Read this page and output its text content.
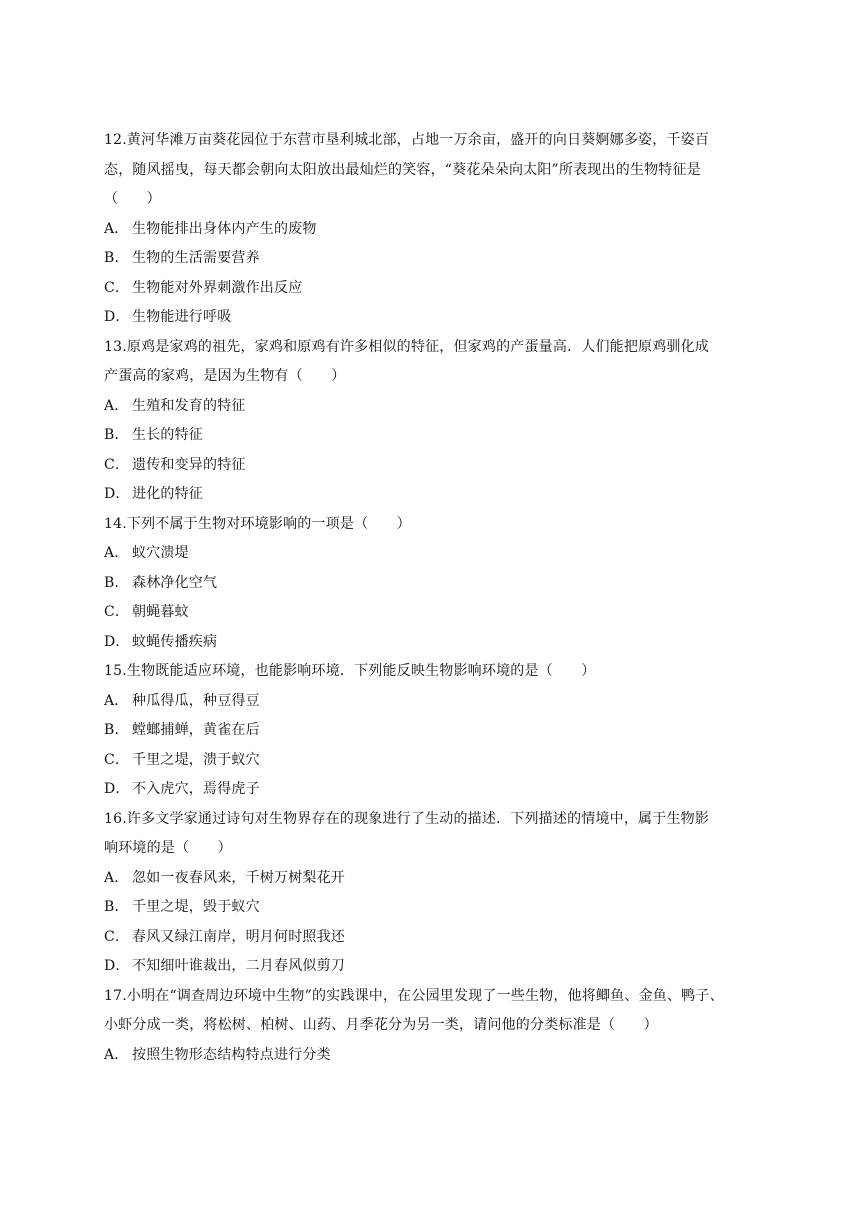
12.黄河华滩万亩葵花园位于东营市垦利城北部，占地一万余亩，盛开的向日葵婀娜多姿，千姿百
态，随风摇曳，每天都会朝向太阳放出最灿烂的笑容，“葵花朵朵向太阳”所表现出的生物特征是
（　　）
A． 生物能排出身体内产生的废物
B． 生物的生活需要营养
C． 生物能对外界刺激作出反应
D． 生物能进行呼吸
13.原鸡是家鸡的祖先，家鸡和原鸡有许多相似的特征，但家鸡的产蛋量高．人们能把原鸡驯化成
产蛋高的家鸡，是因为生物有（　　）
A． 生殖和发育的特征
B． 生长的特征
C． 遗传和变异的特征
D． 进化的特征
14.下列不属于生物对环境影响的一项是（　　）
A． 蚁穴溃堤
B． 森林净化空气
C． 朝蝇暮蚊
D． 蚊蝇传播疾病
15.生物既能适应环境，也能影响环境．下列能反映生物影响环境的是（　　）
A． 种瓜得瓜，种豆得豆
B． 螳螂捕蝉，黄雀在后
C． 千里之堤，溃于蚁穴
D． 不入虎穴，焉得虎子
16.许多文学家通过诗句对生物界存在的现象进行了生动的描述．下列描述的情境中，属于生物影
响环境的是（　　）
A． 忽如一夜春风来，千树万树梨花开
B． 千里之堤，毁于蚁穴
C． 春风又绿江南岸，明月何时照我还
D． 不知细叶谁裁出，二月春风似剪刀
17.小明在“调查周边环境中生物”的实践课中，在公园里发现了一些生物，他将鲫鱼、金鱼、鸭子、
小虾分成一类，将松树、柏树、山药、月季花分为另一类，请问他的分类标准是（　　）
A． 按照生物形态结构特点进行分类
